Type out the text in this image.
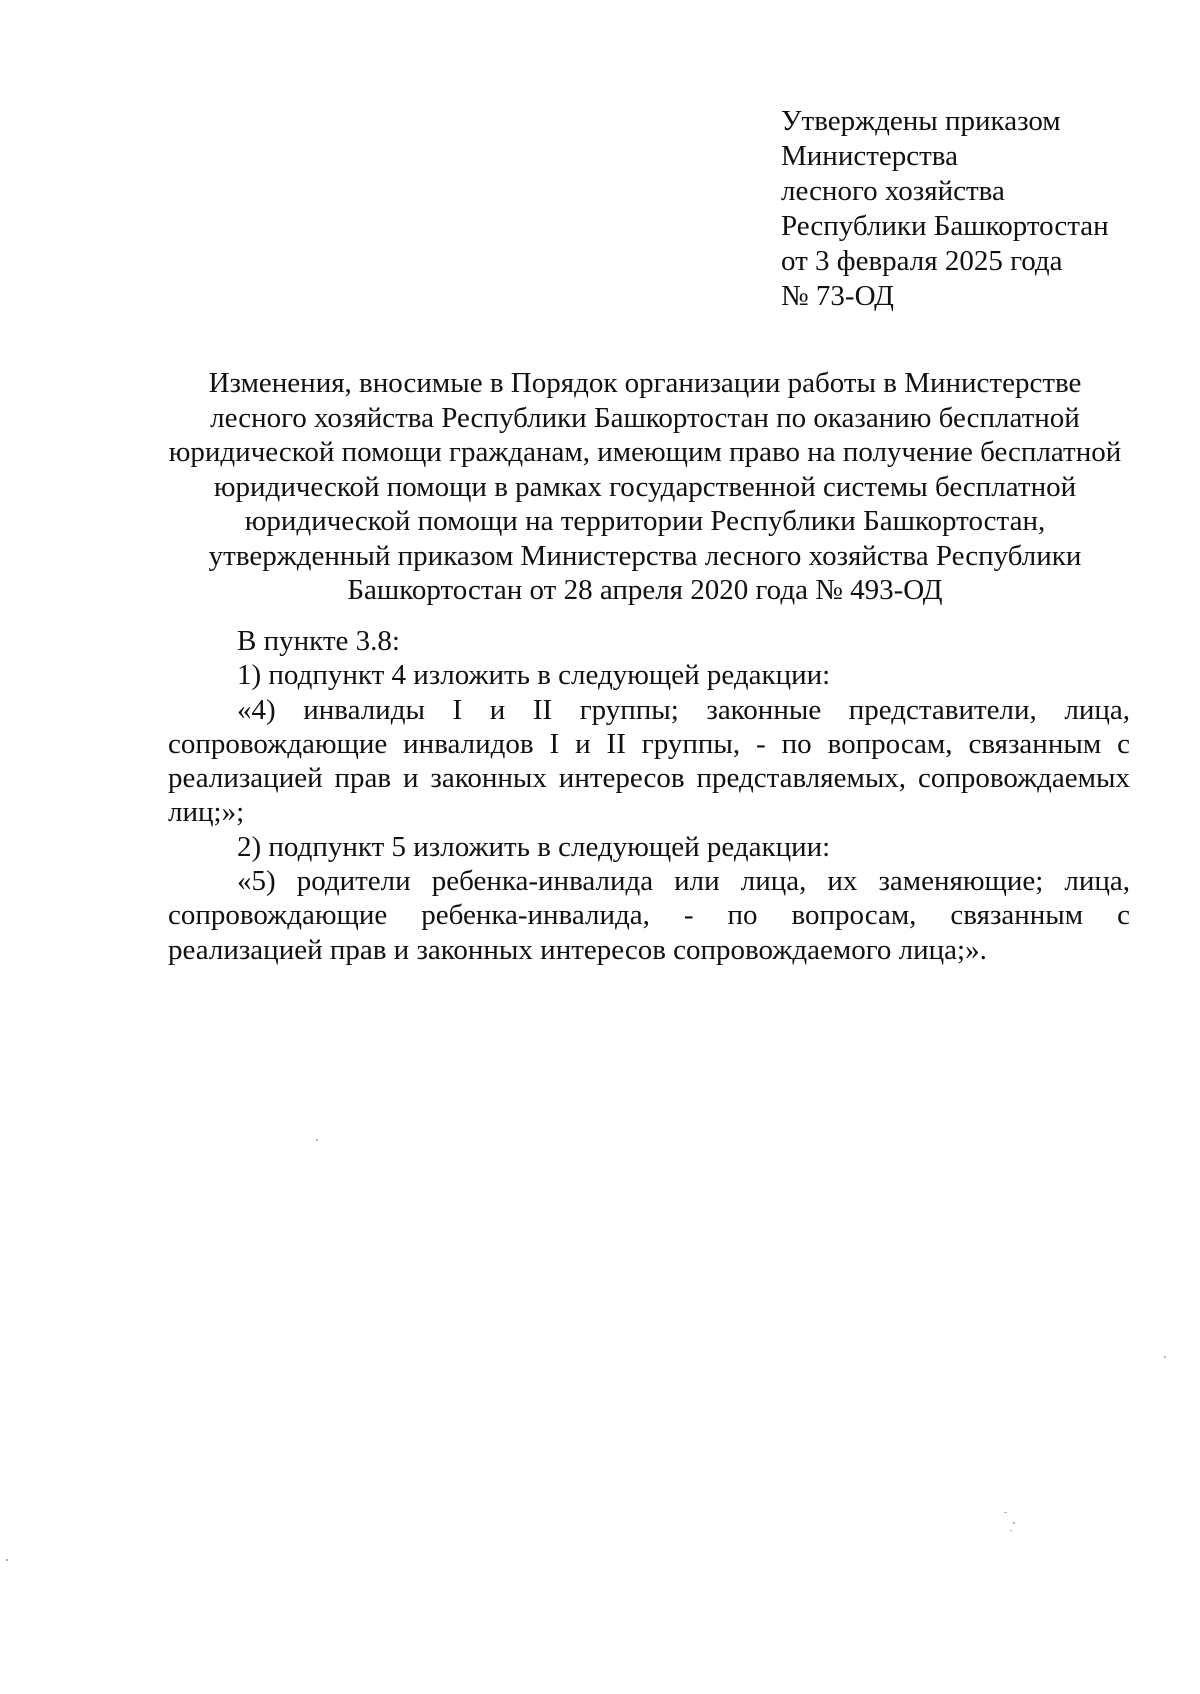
Утверждены приказом
Министерства
лесного хозяйства
Республики Башкортостан
от 3 февраля 2025 года
№ 73-ОД
Изменения, вносимые в Порядок организации работы в Министерстве
лесного хозяйства Республики Башкортостан по оказанию бесплатной
юридической помощи гражданам, имеющим право на получение бесплатной
юридической помощи в рамках государственной системы бесплатной
юридической помощи на территории Республики Башкортостан,
утвержденный приказом Министерства лесного хозяйства Республики
Башкортостан от 28 апреля 2020 года № 493-ОД

В пункте 3.8:

1) подпункт 4 изложить в следующей редакции:

«4) инвалиды I и II группы; законные представители, лица, сопровождающие инвалидов I и II группы, - по вопросам, связанным с реализацией прав и законных интересов представляемых, сопровождаемых лиц;»;

2) подпункт 5 изложить в следующей редакции:

«5) родители ребенка-инвалида или лица, их заменяющие; лица, сопровождающие ребенка-инвалида, - по вопросам, связанным с реализацией прав и законных интересов сопровождаемого лица;».
